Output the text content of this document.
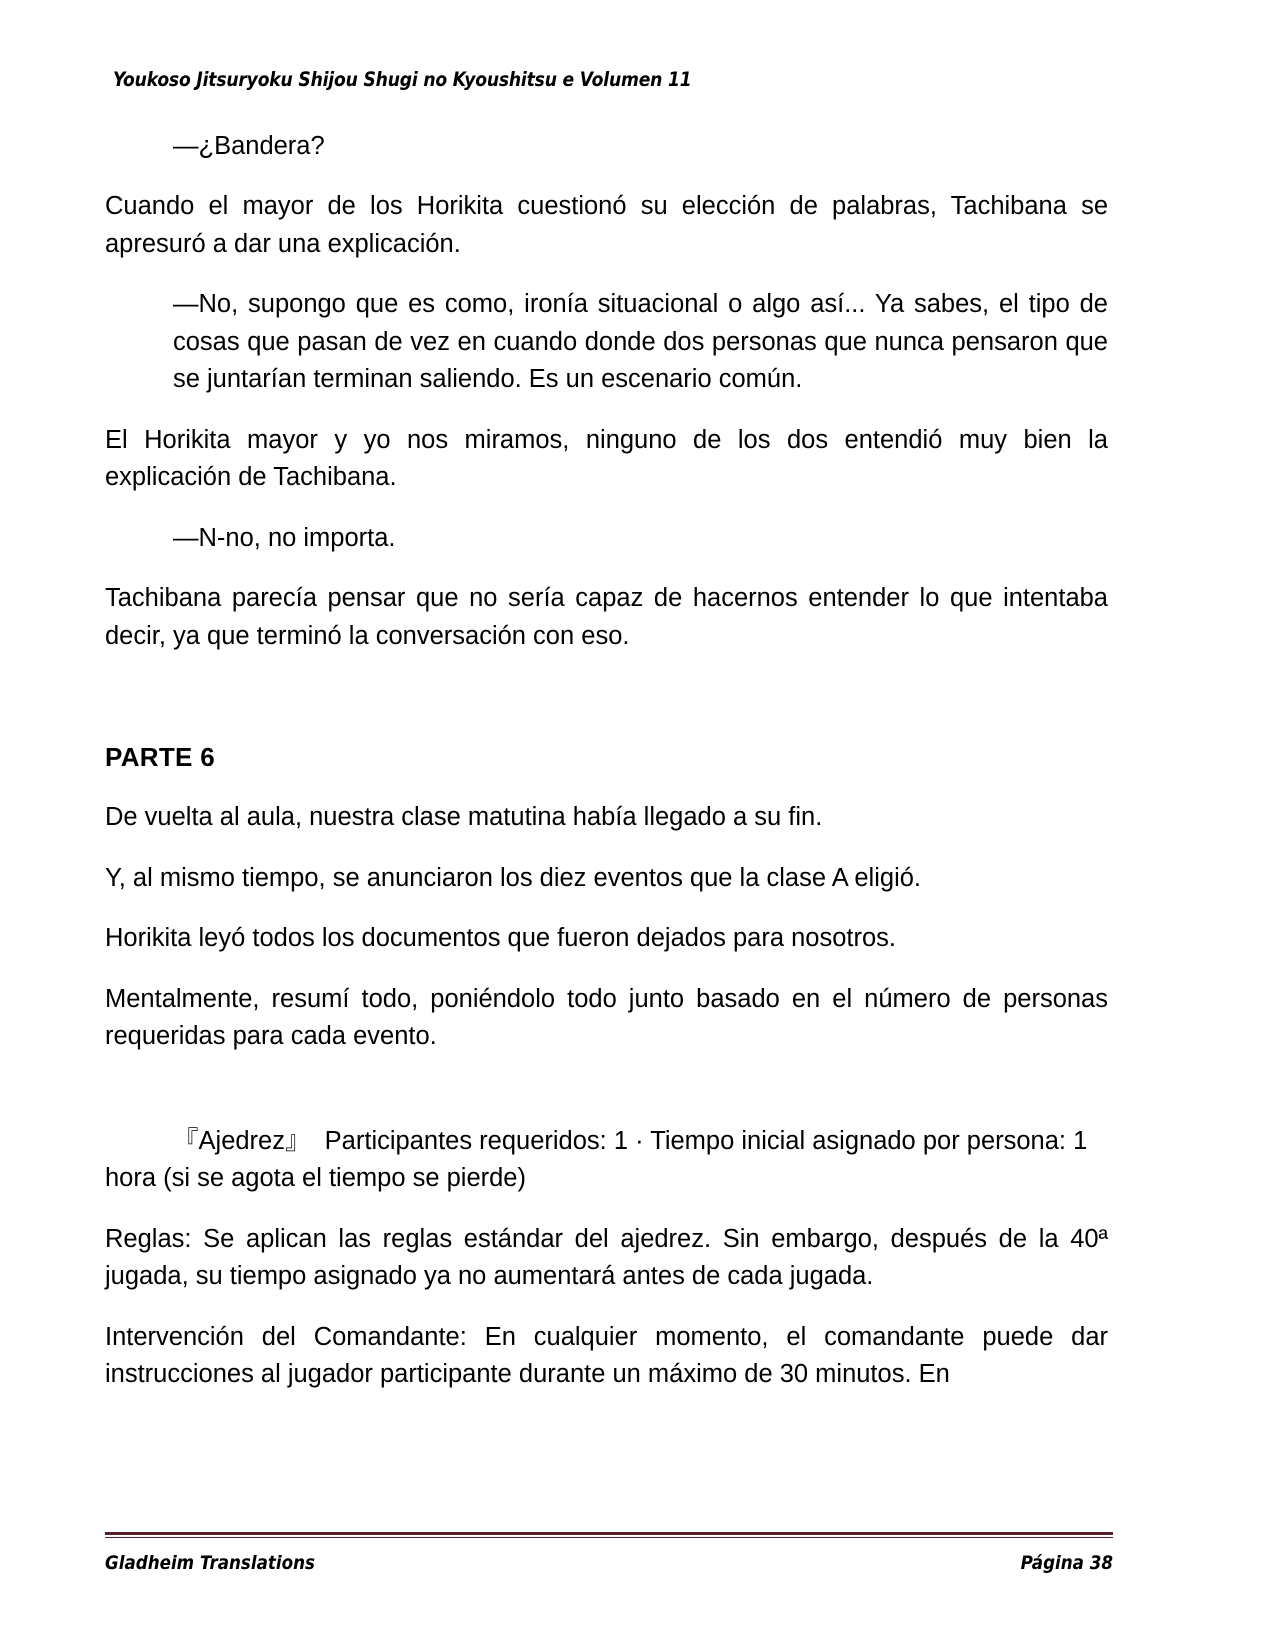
Youkoso Jitsuryoku Shijou Shugi no Kyoushitsu e Volumen 11

—¿Bandera?

Cuando el mayor de los Horikita cuestionó su elección de palabras, Tachibana se apresuró a dar una explicación.

—No, supongo que es como, ironía situacional o algo así... Ya sabes, el tipo de cosas que pasan de vez en cuando donde dos personas que nunca pensaron que se juntarían terminan saliendo. Es un escenario común.

El Horikita mayor y yo nos miramos, ninguno de los dos entendió muy bien la explicación de Tachibana.

—N-no, no importa.

Tachibana parecía pensar que no sería capaz de hacernos entender lo que intentaba decir, ya que terminó la conversación con eso.

PARTE 6

De vuelta al aula, nuestra clase matutina había llegado a su fin.

Y, al mismo tiempo, se anunciaron los diez eventos que la clase A eligió.

Horikita leyó todos los documentos que fueron dejados para nosotros.

Mentalmente, resumí todo, poniéndolo todo junto basado en el número de personas requeridas para cada evento.

『Ajedrez』 Participantes requeridos: 1 · Tiempo inicial asignado por persona: 1 hora (si se agota el tiempo se pierde)

Reglas: Se aplican las reglas estándar del ajedrez. Sin embargo, después de la 40ª jugada, su tiempo asignado ya no aumentará antes de cada jugada.

Intervención del Comandante: En cualquier momento, el comandante puede dar instrucciones al jugador participante durante un máximo de 30 minutos. En

Gladheim Translations	Página 38
